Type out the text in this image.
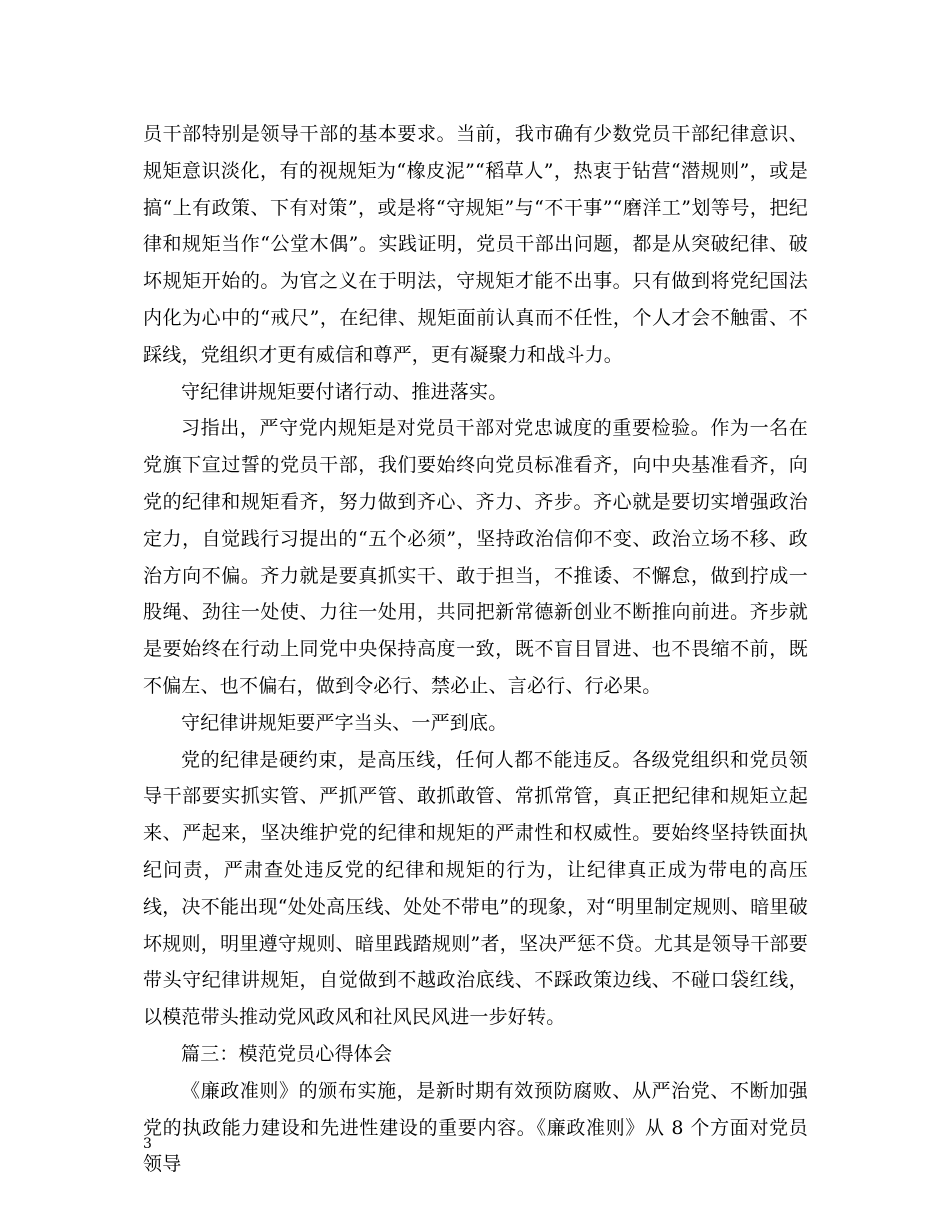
员干部特别是领导干部的基本要求。当前，我市确有少数党员干部纪律意识、规矩意识淡化，有的视规矩为“橡皮泥”“稻草人”，热衷于钻营“潜规则”，或是搞“上有政策、下有对策”，或是将“守规矩”与“不干事”“磨洋工”划等号，把纪律和规矩当作“公堂木偶”。实践证明，党员干部出问题，都是从突破纪律、破坏规矩开始的。为官之义在于明法，守规矩才能不出事。只有做到将党纪国法内化为心中的“戒尺”，在纪律、规矩面前认真而不任性，个人才会不触雷、不踩线，党组织才更有威信和尊严，更有凝聚力和战斗力。

守纪律讲规矩要付诸行动、推进落实。

习指出，严守党内规矩是对党员干部对党忠诚度的重要检验。作为一名在党旗下宣过誓的党员干部，我们要始终向党员标准看齐，向中央基准看齐，向党的纪律和规矩看齐，努力做到齐心、齐力、齐步。齐心就是要切实增强政治定力，自觉践行习提出的“五个必须”，坚持政治信仰不变、政治立场不移、政治方向不偏。齐力就是要真抓实干、敢于担当，不推诿、不懈怠，做到拧成一股绳、劲往一处使、力往一处用，共同把新常德新创业不断推向前进。齐步就是要始终在行动上同党中央保持高度一致，既不盲目冒进、也不畏缩不前，既不偏左、也不偏右，做到令必行、禁必止、言必行、行必果。

守纪律讲规矩要严字当头、一严到底。

党的纪律是硬约束，是高压线，任何人都不能违反。各级党组织和党员领导干部要实抓实管、严抓严管、敢抓敢管、常抓常管，真正把纪律和规矩立起来、严起来，坚决维护党的纪律和规矩的严肃性和权威性。要始终坚持铁面执纪问责，严肃查处违反党的纪律和规矩的行为，让纪律真正成为带电的高压线，决不能出现“处处高压线、处处不带电”的现象，对“明里制定规则、暗里破坏规则，明里遵守规则、暗里践踏规则”者，坚决严惩不贷。尤其是领导干部要带头守纪律讲规矩，自觉做到不越政治底线、不踩政策边线、不碰口袋红线，以模范带头推动党风政风和社风民风进一步好转。

篇三：模范党员心得体会

《廉政准则》的颁布实施，是新时期有效预防腐败、从严治党、不断加强党的执政能力建设和先进性建设的重要内容。《廉政准则》从 8 个方面对党员领导

3
